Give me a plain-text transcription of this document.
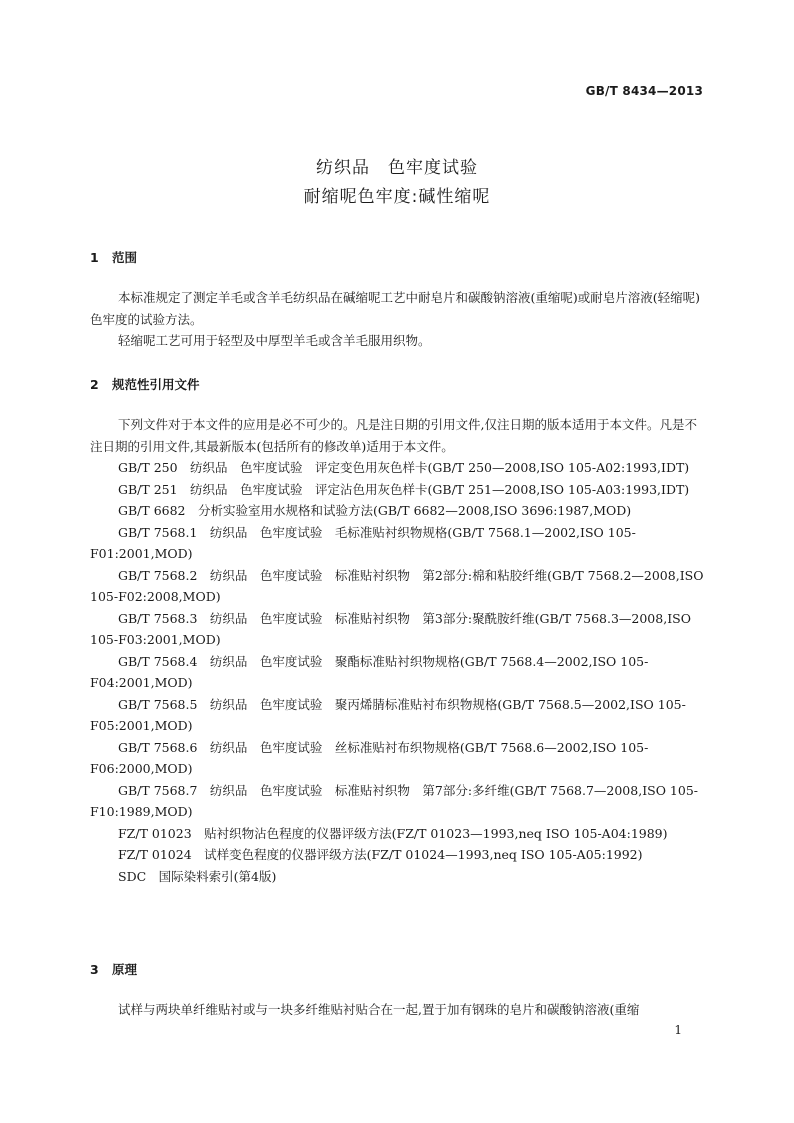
GB/T 8434—2013
纺织品　色牢度试验
耐缩呢色牢度:碱性缩呢
1 范围

本标准规定了测定羊毛或含羊毛纺织品在碱缩呢工艺中耐皂片和碳酸钠溶液(重缩呢)或耐皂片溶液(轻缩呢)色牢度的试验方法。

轻缩呢工艺可用于轻型及中厚型羊毛或含羊毛服用织物。

2 规范性引用文件

下列文件对于本文件的应用是必不可少的。凡是注日期的引用文件,仅注日期的版本适用于本文件。凡是不注日期的引用文件,其最新版本(包括所有的修改单)适用于本文件。

GB/T 250　纺织品　色牢度试验　评定变色用灰色样卡(GB/T 250—2008,ISO 105-A02:1993,IDT)

GB/T 251　纺织品　色牢度试验　评定沾色用灰色样卡(GB/T 251—2008,ISO 105-A03:1993,IDT)

GB/T 6682　分析实验室用水规格和试验方法(GB/T 6682—2008,ISO 3696:1987,MOD)

GB/T 7568.1　纺织品　色牢度试验　毛标准贴衬织物规格(GB/T 7568.1—2002,ISO 105-F01:2001,MOD)

GB/T 7568.2　纺织品　色牢度试验　标准贴衬织物　第2部分:棉和粘胶纤维(GB/T 7568.2—2008,ISO 105-F02:2008,MOD)

GB/T 7568.3　纺织品　色牢度试验　标准贴衬织物　第3部分:聚酰胺纤维(GB/T 7568.3—2008,ISO 105-F03:2001,MOD)

GB/T 7568.4　纺织品　色牢度试验　聚酯标准贴衬织物规格(GB/T 7568.4—2002,ISO 105-F04:2001,MOD)

GB/T 7568.5　纺织品　色牢度试验　聚丙烯腈标准贴衬布织物规格(GB/T 7568.5—2002,ISO 105-F05:2001,MOD)

GB/T 7568.6　纺织品　色牢度试验　丝标准贴衬布织物规格(GB/T 7568.6—2002,ISO 105-F06:2000,MOD)

GB/T 7568.7　纺织品　色牢度试验　标准贴衬织物　第7部分:多纤维(GB/T 7568.7—2008,ISO 105-F10:1989,MOD)

FZ/T 01023　贴衬织物沾色程度的仪器评级方法(FZ/T 01023—1993,neq ISO 105-A04:1989)

FZ/T 01024　试样变色程度的仪器评级方法(FZ/T 01024—1993,neq ISO 105-A05:1992)

SDC　国际染料索引(第4版)

3 原理

试样与两块单纤维贴衬或与一块多纤维贴衬贴合在一起,置于加有钢珠的皂片和碳酸钠溶液(重缩

1
